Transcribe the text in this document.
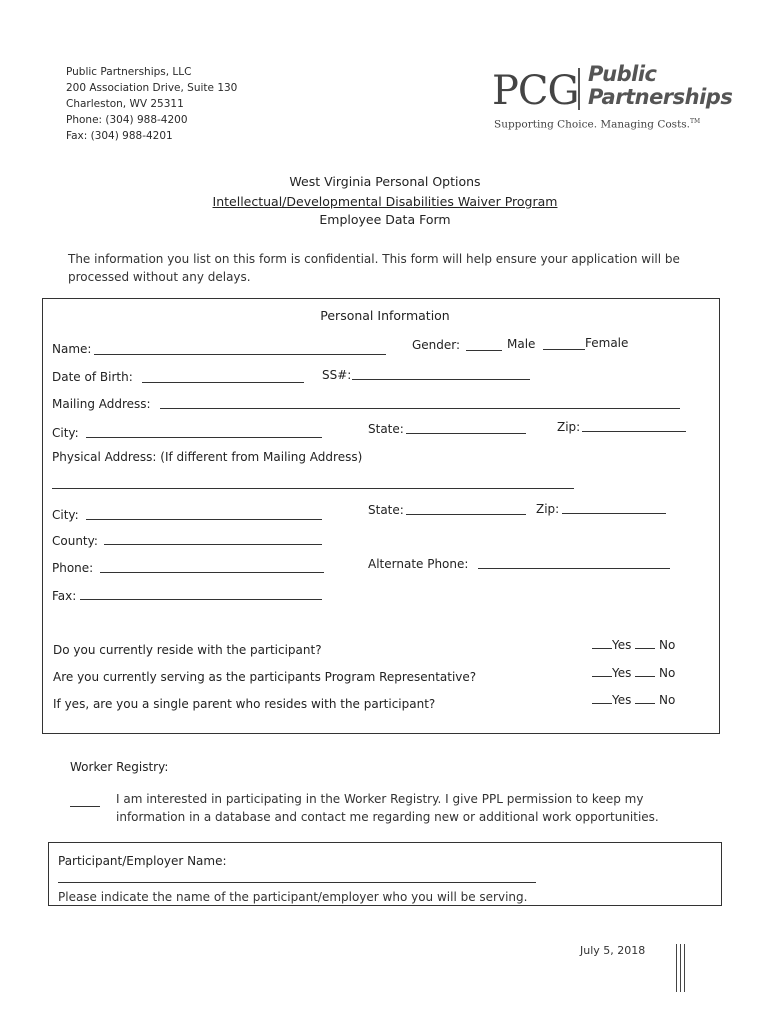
Public Partnerships, LLC
200 Association Drive, Suite 130
Charleston, WV 25311
Phone: (304) 988-4200
Fax: (304) 988-4201
PCG Public
Partnerships
Supporting Choice. Managing Costs.™
West Virginia Personal Options
Intellectual/Developmental Disabilities Waiver Program
Employee Data Form
The information you list on this form is confidential. This form will help ensure your application will be processed without any delays.
Personal Information
Name:	Gender:	Male	Female
Date of Birth:	SS#:
Mailing Address:
City:	State:	Zip:
Physical Address: (If different from Mailing Address)
City:	State:	Zip:
County:
Phone:	Alternate Phone:
Fax:
Do you currently reside with the participant?	Yes No
Are you currently serving as the participants Program Representative?	Yes No
If yes, are you a single parent who resides with the participant?	Yes No
Worker Registry:
I am interested in participating in the Worker Registry. I give PPL permission to keep my
information in a database and contact me regarding new or additional work opportunities.
Participant/Employer Name:
Please indicate the name of the participant/employer who you will be serving.
July 5, 2018
